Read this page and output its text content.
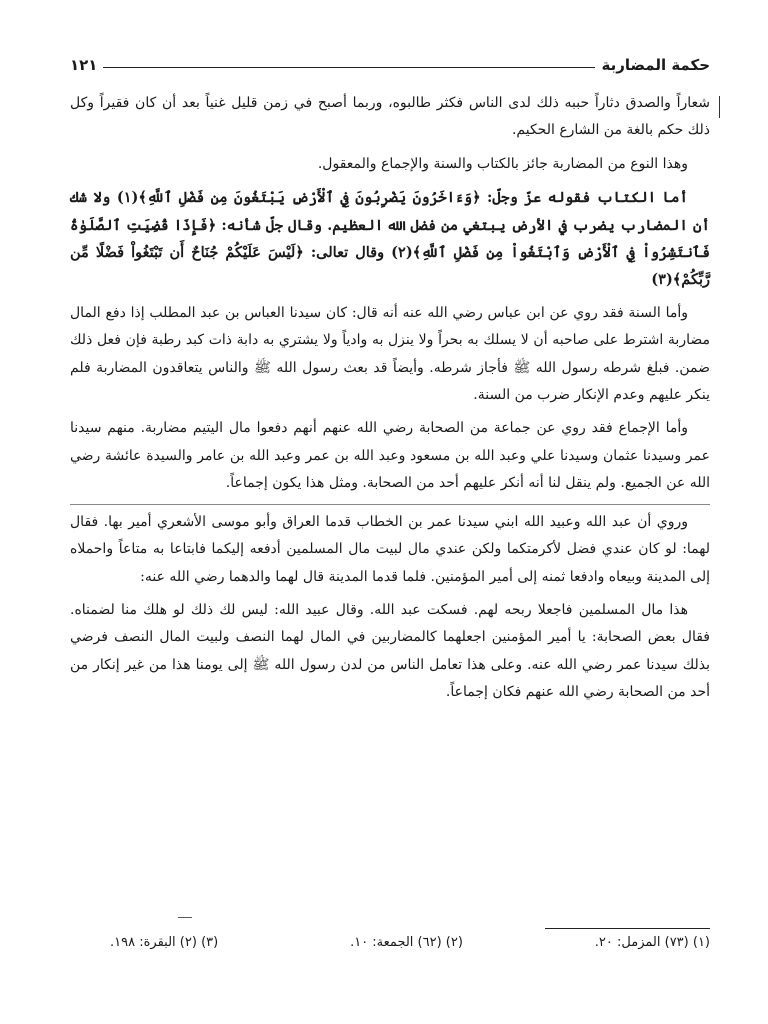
حكمة المضاربة
١٢١

شعاراً والصدق دثاراً حببه ذلك لدى الناس فكثر طالبوه، وربما أصبح في زمن قليل غنياً بعد أن كان فقيراً وكل ذلك حكم بالغة من الشارع الحكيم.

وهذا النوع من المضاربة جائز بالكتاب والسنة والإجماع والمعقول.

أما الكتاب فقوله عزّ وجلّ: ﴿وَءَاخَرُونَ يَضْرِبُونَ فِي ٱلْأَرْضِ يَبْتَغُونَ مِن فَضْلِ ٱللَّهِ﴾(١) ولا شك أن المضارب يضرب في الأرض يبتغي من فضل الله العظيم. وقال جلّ شأنه: ﴿فَإِذَا قُضِيَتِ ٱلصَّلَوٰةُ فَٱنتَشِرُواْ فِي ٱلْأَرْضِ وَٱبْتَغُواْ مِن فَضْلِ ٱللَّهِ﴾(٢) وقال تعالى: ﴿لَيْسَ عَلَيْكُمْ جُنَاحٌ أَن تَبْتَغُواْ فَضْلًا مِّن رَّبِّكُمْ﴾(٣)

وأما السنة فقد روي عن ابن عباس رضي الله عنه أنه قال: كان سيدنا العباس بن عبد المطلب إذا دفع المال مضاربة اشترط على صاحبه أن لا يسلك به بحراً ولا ينزل به وادياً ولا يشتري به دابة ذات كبد رطبة فإن فعل ذلك ضمن. فبلغ شرطه رسول الله ﷺ فأجاز شرطه. وأيضاً قد بعث رسول الله ﷺ والناس يتعاقدون المضاربة فلم ينكر عليهم وعدم الإنكار ضرب من السنة.

وأما الإجماع فقد روي عن جماعة من الصحابة رضي الله عنهم أنهم دفعوا مال اليتيم مضاربة. منهم سيدنا عمر وسيدنا عثمان وسيدنا علي وعبد الله بن مسعود وعبد الله بن عمر وعبد الله بن عامر والسيدة عائشة رضي الله عن الجميع. ولم ينقل لنا أنه أنكر عليهم أحد من الصحابة. ومثل هذا يكون إجماعاً.

وروي أن عبد الله وعبيد الله ابني سيدنا عمر بن الخطاب قدما العراق وأبو موسى الأشعري أمير بها. فقال لهما: لو كان عندي فضل لأكرمتكما ولكن عندي مال لبيت مال المسلمين أدفعه إليكما فابتاعا به متاعاً واحملاه إلى المدينة وبيعاه وادفعا ثمنه إلى أمير المؤمنين. فلما قدما المدينة قال لهما والدهما رضي الله عنه:

هذا مال المسلمين فاجعلا ربحه لهم. فسكت عبد الله. وقال عبيد الله: ليس لك ذلك لو هلك منا لضمناه. فقال بعض الصحابة: يا أمير المؤمنين اجعلهما كالمضاربين في المال لهما النصف ولبيت المال النصف فرضي بذلك سيدنا عمر رضي الله عنه. وعلى هذا تعامل الناس من لدن رسول الله ﷺ إلى يومنا هذا من غير إنكار من أحد من الصحابة رضي الله عنهم فكان إجماعاً.

(١) (٧٣) المزمل: ٢٠.
(٢) (٦٢) الجمعة: ١٠.
(٣) (٢) البقرة: ١٩٨.
